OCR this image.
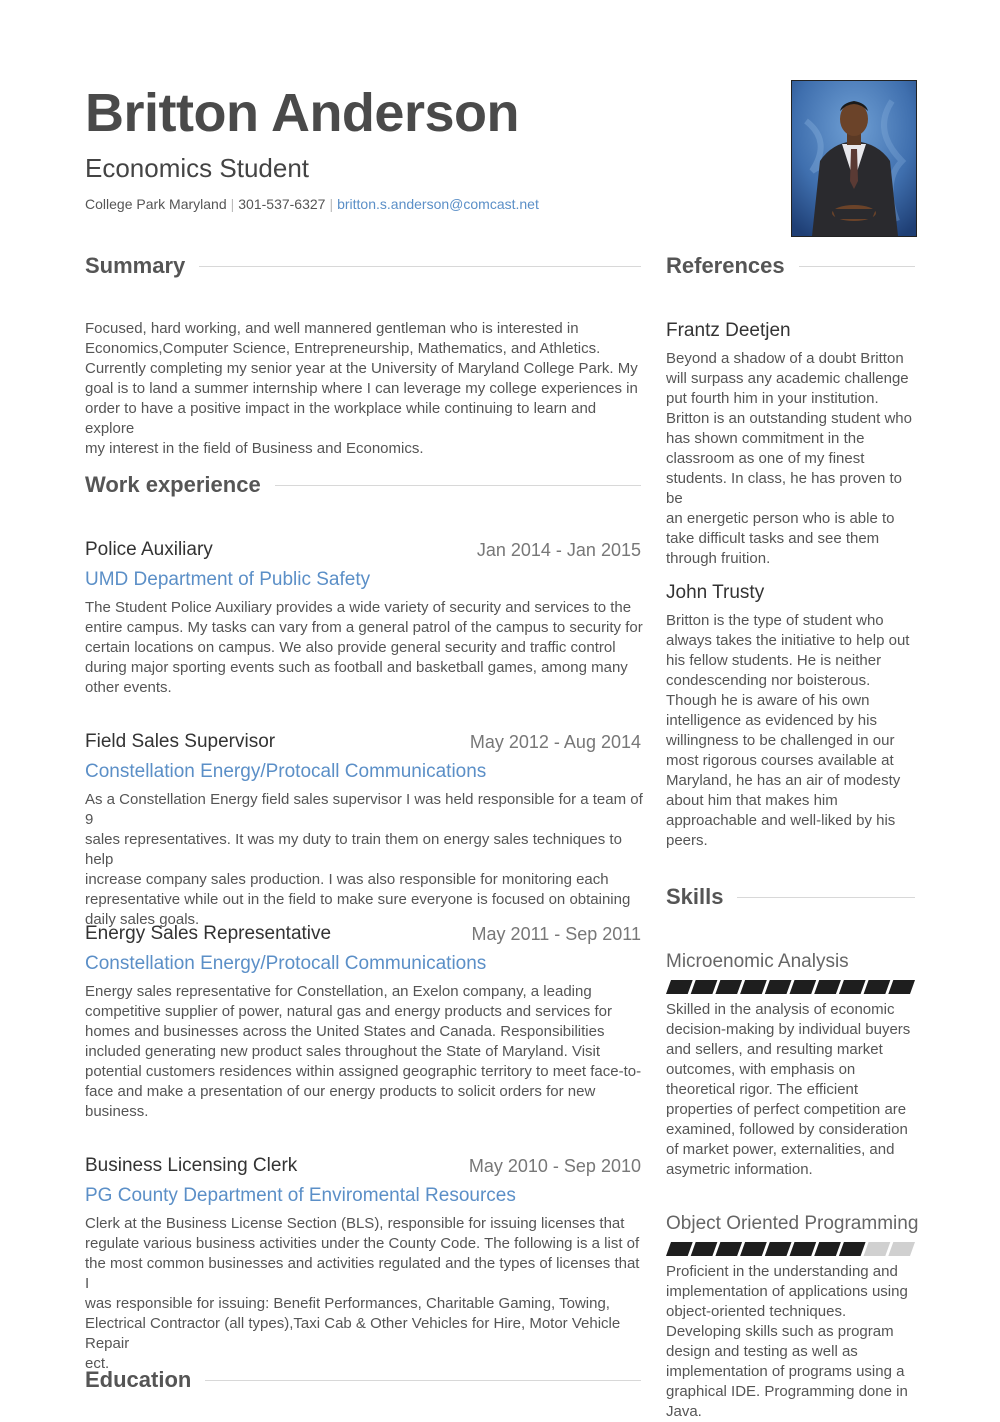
Britton Anderson
Economics Student
College Park Maryland | 301-537-6327 | britton.s.anderson@comcast.net
Summary
Focused, hard working, and well mannered gentleman who is interested in
Economics,Computer Science, Entrepreneurship, Mathematics, and Athletics.
Currently completing my senior year at the University of Maryland College Park. My
goal is to land a summer internship where I can leverage my college experiences in
order to have a positive impact in the workplace while continuing to learn and explore
my interest in the field of Business and Economics.
Work experience
Police Auxiliary	Jan 2014 - Jan 2015
UMD Department of Public Safety
The Student Police Auxiliary provides a wide variety of security and services to the
entire campus. My tasks can vary from a general patrol of the campus to security for
certain locations on campus. We also provide general security and traffic control
during major sporting events such as football and basketball games, among many
other events.
Field Sales Supervisor	May 2012 - Aug 2014
Constellation Energy/Protocall Communications
As a Constellation Energy field sales supervisor I was held responsible for a team of 9
sales representatives. It was my duty to train them on energy sales techniques to help
increase company sales production. I was also responsible for monitoring each
representative while out in the field to make sure everyone is focused on obtaining
daily sales goals.
Energy Sales Representative	May 2011 - Sep 2011
Constellation Energy/Protocall Communications
Energy sales representative for Constellation, an Exelon company, a leading
competitive supplier of power, natural gas and energy products and services for
homes and businesses across the United States and Canada. Responsibilities
included generating new product sales throughout the State of Maryland. Visit
potential customers residences within assigned geographic territory to meet face-to-
face and make a presentation of our energy products to solicit orders for new
business.
Business Licensing Clerk	May 2010 - Sep 2010
PG County Department of Enviromental Resources
Clerk at the Business License Section (BLS), responsible for issuing licenses that
regulate various business activities under the County Code. The following is a list of
the most common businesses and activities regulated and the types of licenses that I
was responsible for issuing: Benefit Performances, Charitable Gaming, Towing,
Electrical Contractor (all types),Taxi Cab & Other Vehicles for Hire, Motor Vehicle Repair
ect.
Education
References
Frantz Deetjen
Beyond a shadow of a doubt Britton
will surpass any academic challenge
put fourth him in your institution.
Britton is an outstanding student who
has shown commitment in the
classroom as one of my finest
students. In class, he has proven to be
an energetic person who is able to
take difficult tasks and see them
through fruition.
John Trusty
Britton is the type of student who
always takes the initiative to help out
his fellow students. He is neither
condescending nor boisterous.
Though he is aware of his own
intelligence as evidenced by his
willingness to be challenged in our
most rigorous courses available at
Maryland, he has an air of modesty
about him that makes him
approachable and well-liked by his
peers.
Skills
Microenomic Analysis
Skilled in the analysis of economic
decision-making by individual buyers
and sellers, and resulting market
outcomes, with emphasis on
theoretical rigor. The efficient
properties of perfect competition are
examined, followed by consideration
of market power, externalities, and
asymetric information.
Object Oriented Programming
Proficient in the understanding and
implementation of applications using
object-oriented techniques.
Developing skills such as program
design and testing as well as
implementation of programs using a
graphical IDE. Programming done in
Java.
